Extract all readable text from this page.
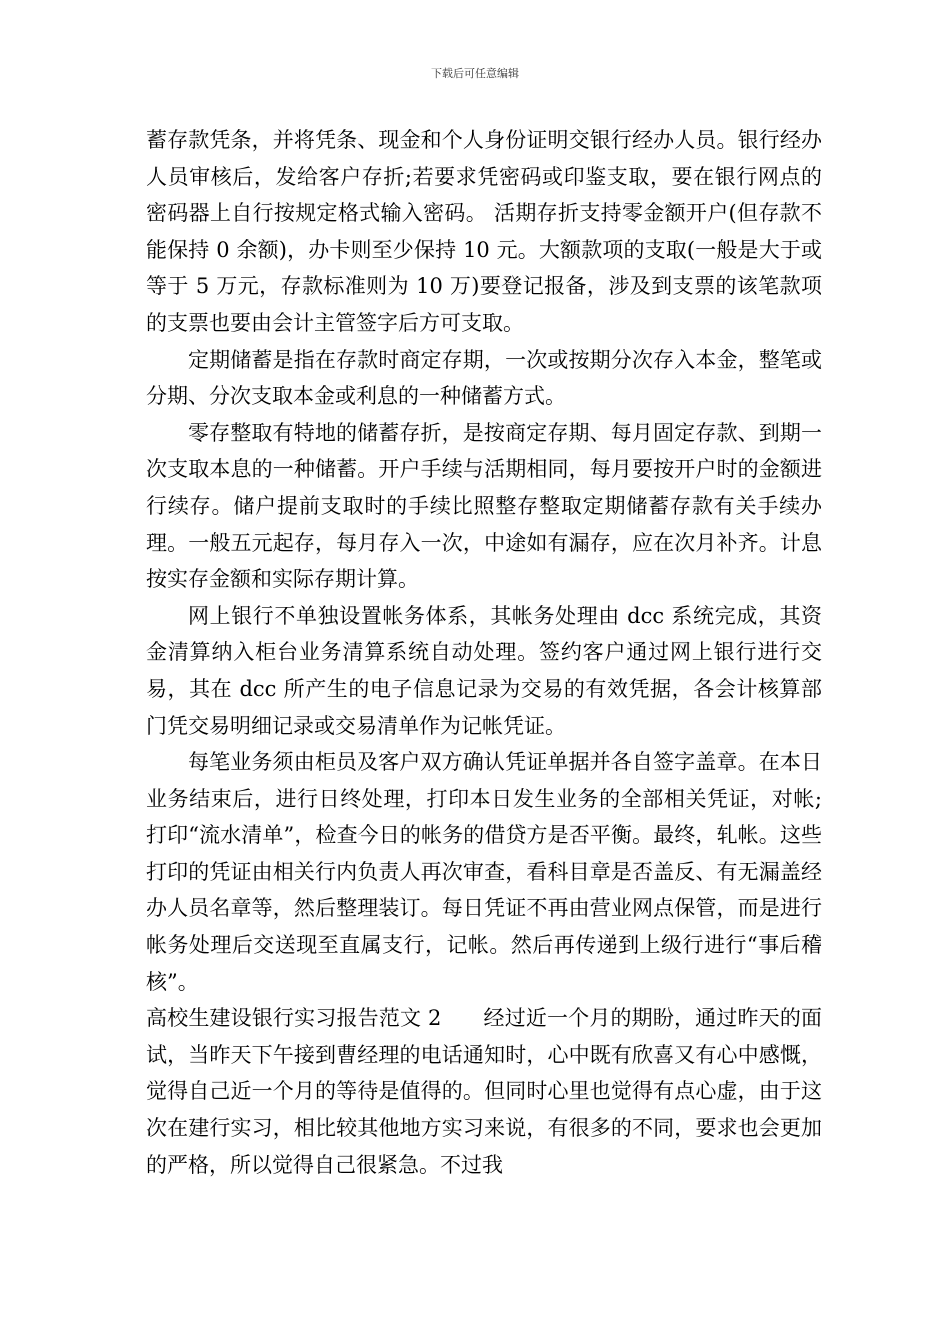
下载后可任意编辑

蓄存款凭条，并将凭条、现金和个人身份证明交银行经办人员。银行经办人员审核后，发给客户存折;若要求凭密码或印鉴支取，要在银行网点的密码器上自行按规定格式输入密码。 活期存折支持零金额开户(但存款不能保持 0 余额)，办卡则至少保持 10 元。大额款项的支取(一般是大于或等于 5 万元，存款标准则为 10 万)要登记报备，涉及到支票的该笔款项的支票也要由会计主管签字后方可支取。

定期储蓄是指在存款时商定存期，一次或按期分次存入本金，整笔或分期、分次支取本金或利息的一种储蓄方式。

零存整取有特地的储蓄存折，是按商定存期、每月固定存款、到期一次支取本息的一种储蓄。开户手续与活期相同，每月要按开户时的金额进行续存。储户提前支取时的手续比照整存整取定期储蓄存款有关手续办理。一般五元起存，每月存入一次，中途如有漏存，应在次月补齐。计息按实存金额和实际存期计算。

网上银行不单独设置帐务体系，其帐务处理由 dcc 系统完成，其资金清算纳入柜台业务清算系统自动处理。签约客户通过网上银行进行交易，其在 dcc 所产生的电子信息记录为交易的有效凭据，各会计核算部门凭交易明细记录或交易清单作为记帐凭证。

每笔业务须由柜员及客户双方确认凭证单据并各自签字盖章。在本日业务结束后，进行日终处理，打印本日发生业务的全部相关凭证，对帐;打印“流水清单”，检查今日的帐务的借贷方是否平衡。最终，轧帐。这些打印的凭证由相关行内负责人再次审查，看科目章是否盖反、有无漏盖经办人员名章等，然后整理装订。每日凭证不再由营业网点保管，而是进行帐务处理后交送现至直属支行，记帐。然后再传递到上级行进行“事后稽核”。

高校生建设银行实习报告范文 2 经过近一个月的期盼，通过昨天的面试，当昨天下午接到曹经理的电话通知时，心中既有欣喜又有心中感慨，觉得自己近一个月的等待是值得的。但同时心里也觉得有点心虚，由于这次在建行实习，相比较其他地方实习来说，有很多的不同，要求也会更加的严格，所以觉得自己很紧急。不过我
